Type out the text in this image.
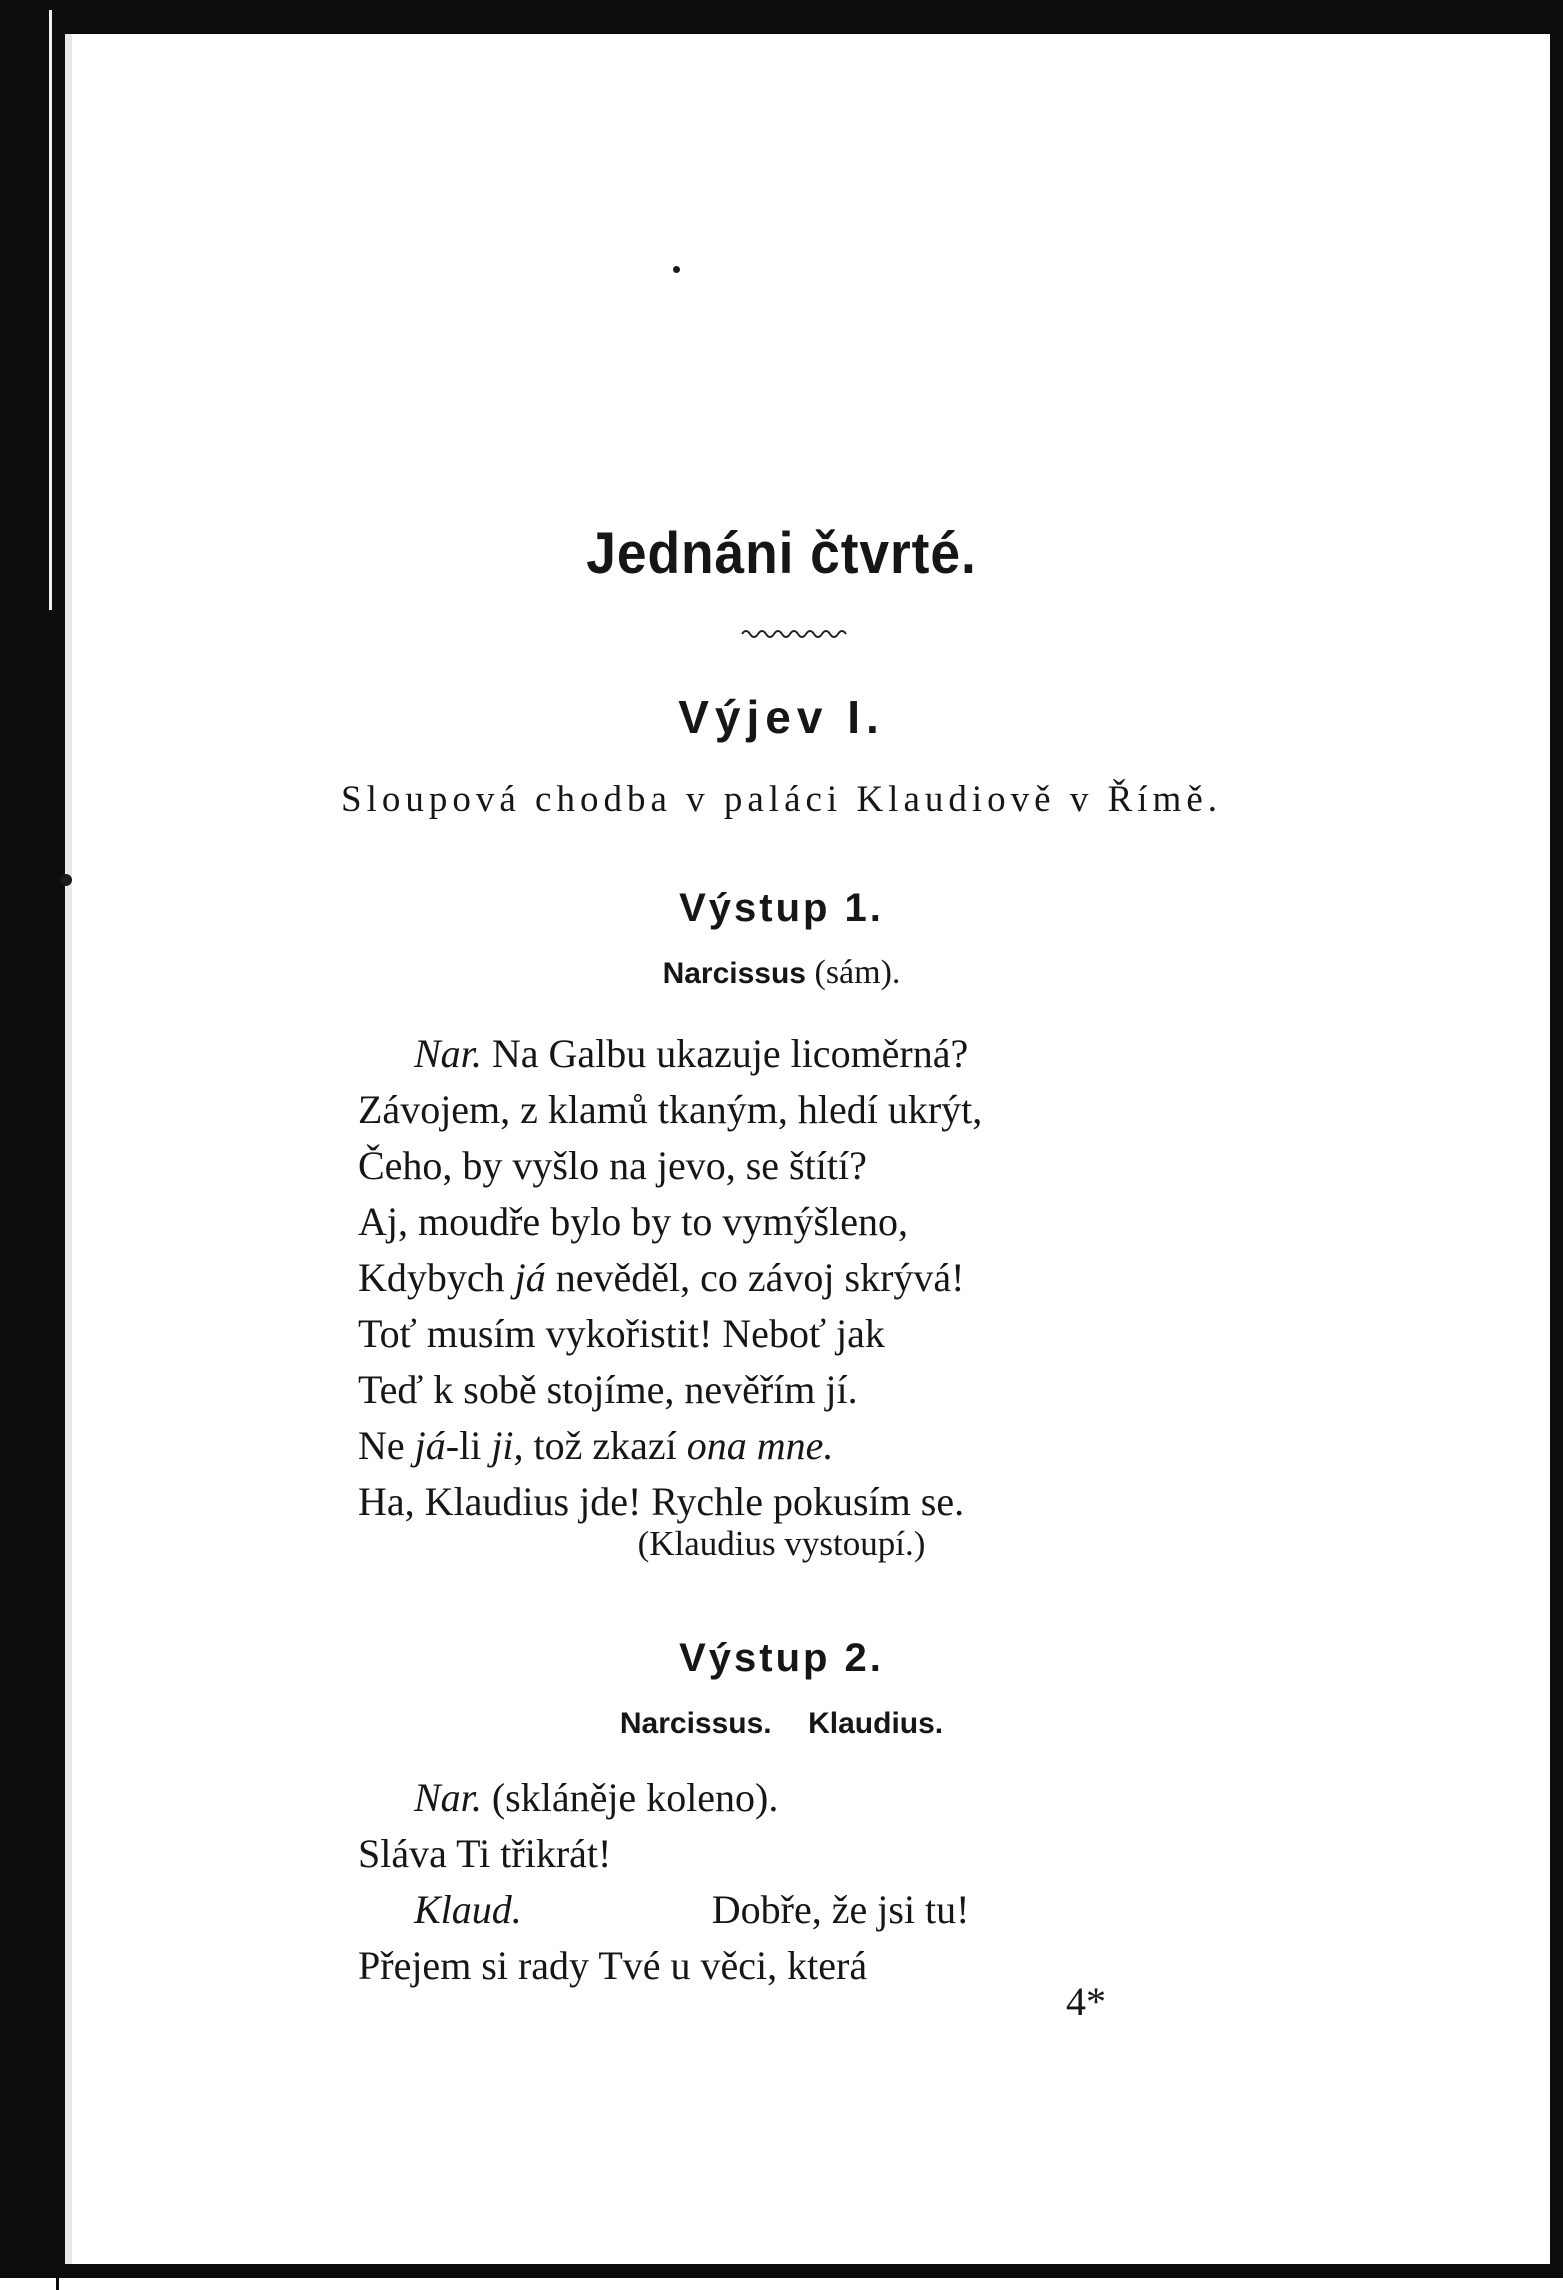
Jednáni čtvrté.
Výjev I.
Sloupová chodba v paláci Klaudiově v Římě.
Výstup 1.
Narcissus (sám).
Nar. Na Galbu ukazuje licoměrná?
Závojem, z klamů tkaným, hledí ukrýt,
Čeho, by vyšlo na jevo, se štítí?
Aj, moudře bylo by to vymýšleno,
Kdybych já nevěděl, co závoj skrývá!
Toť musím vykořistit! Neboť jak
Teď k sobě stojíme, nevěřím jí.
Ne já-li ji, tož zkazí ona mne.
Ha, Klaudius jde! Rychle pokusím se.
(Klaudius vystoupí.)
Výstup 2.
Narcissus. Klaudius.
Nar. (skláněje koleno).
Sláva Ti třikrát!
Klaud.	Dobře, že jsi tu!
Přejem si rady Tvé u věci, která
4*
